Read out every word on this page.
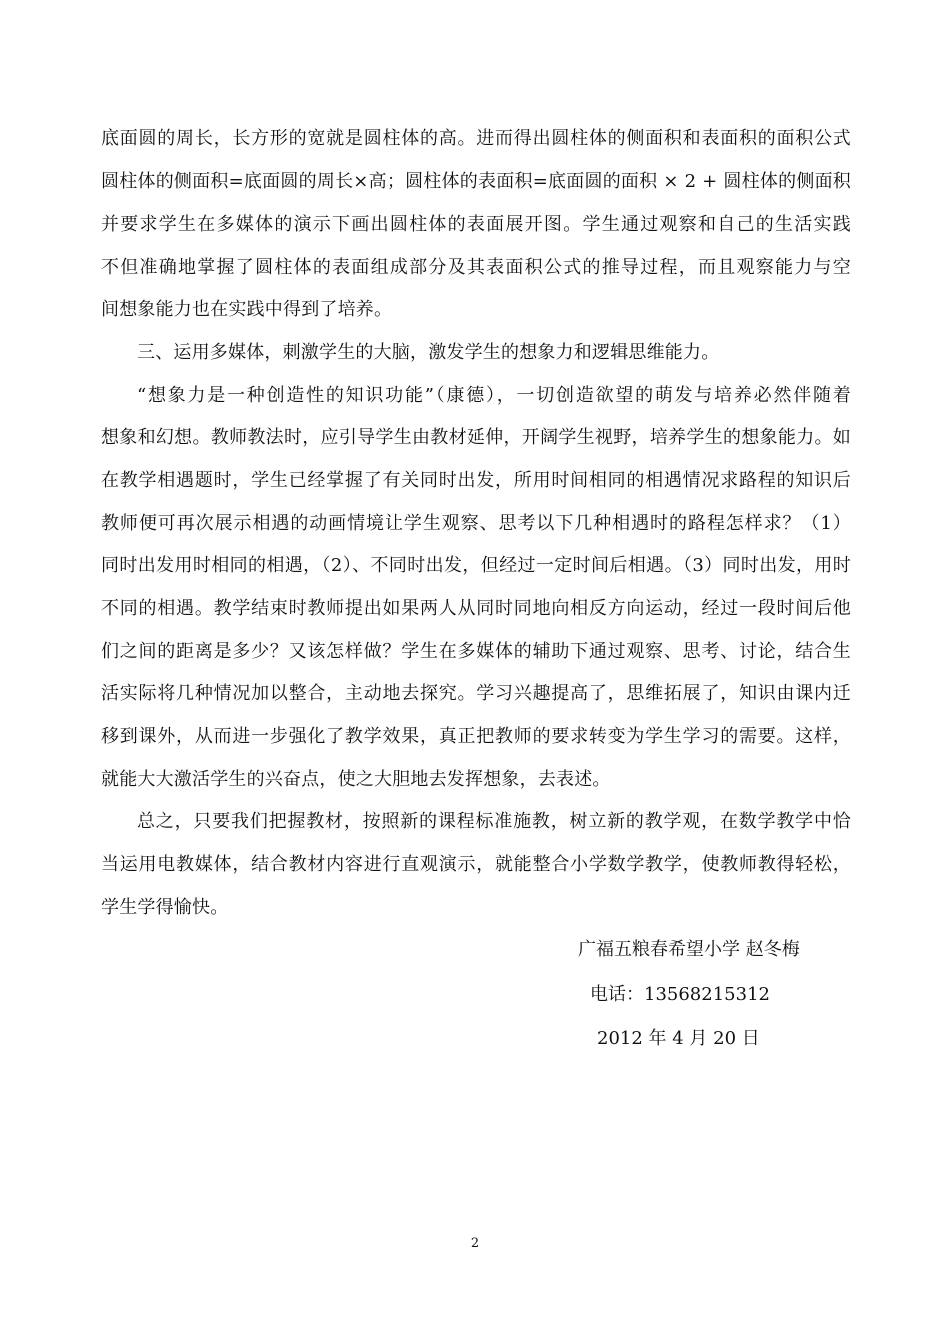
底面圆的周长，长方形的宽就是圆柱体的高。进而得出圆柱体的侧面积和表面积的面积公式
圆柱体的侧面积=底面圆的周长×高；圆柱体的表面积=底面圆的面积 × 2 + 圆柱体的侧面积
并要求学生在多媒体的演示下画出圆柱体的表面展开图。学生通过观察和自己的生活实践
不但准确地掌握了圆柱体的表面组成部分及其表面积公式的推导过程，而且观察能力与空
间想象能力也在实践中得到了培养。
三、运用多媒体，刺激学生的大脑，激发学生的想象力和逻辑思维能力。
“想象力是一种创造性的知识功能”（康德），一切创造欲望的萌发与培养必然伴随着
想象和幻想。教师教法时，应引导学生由教材延伸，开阔学生视野，培养学生的想象能力。如
在教学相遇题时，学生已经掌握了有关同时出发，所用时间相同的相遇情况求路程的知识后
教师便可再次展示相遇的动画情境让学生观察、思考以下几种相遇时的路程怎样求？（1）
同时出发用时相同的相遇，（2）、不同时出发，但经过一定时间后相遇。（3）同时出发，用时
不同的相遇。教学结束时教师提出如果两人从同时同地向相反方向运动，经过一段时间后他
们之间的距离是多少？又该怎样做？学生在多媒体的辅助下通过观察、思考、讨论，结合生
活实际将几种情况加以整合，主动地去探究。学习兴趣提高了，思维拓展了，知识由课内迁
移到课外，从而进一步强化了教学效果，真正把教师的要求转变为学生学习的需要。这样，
就能大大激活学生的兴奋点，使之大胆地去发挥想象，去表述。
总之，只要我们把握教材，按照新的课程标准施教，树立新的教学观，在数学教学中恰
当运用电教媒体，结合教材内容进行直观演示，就能整合小学数学教学，使教师教得轻松，
学生学得愉快。
广福五粮春希望小学 赵冬梅
电话：13568215312
2012 年 4 月 20 日
2
